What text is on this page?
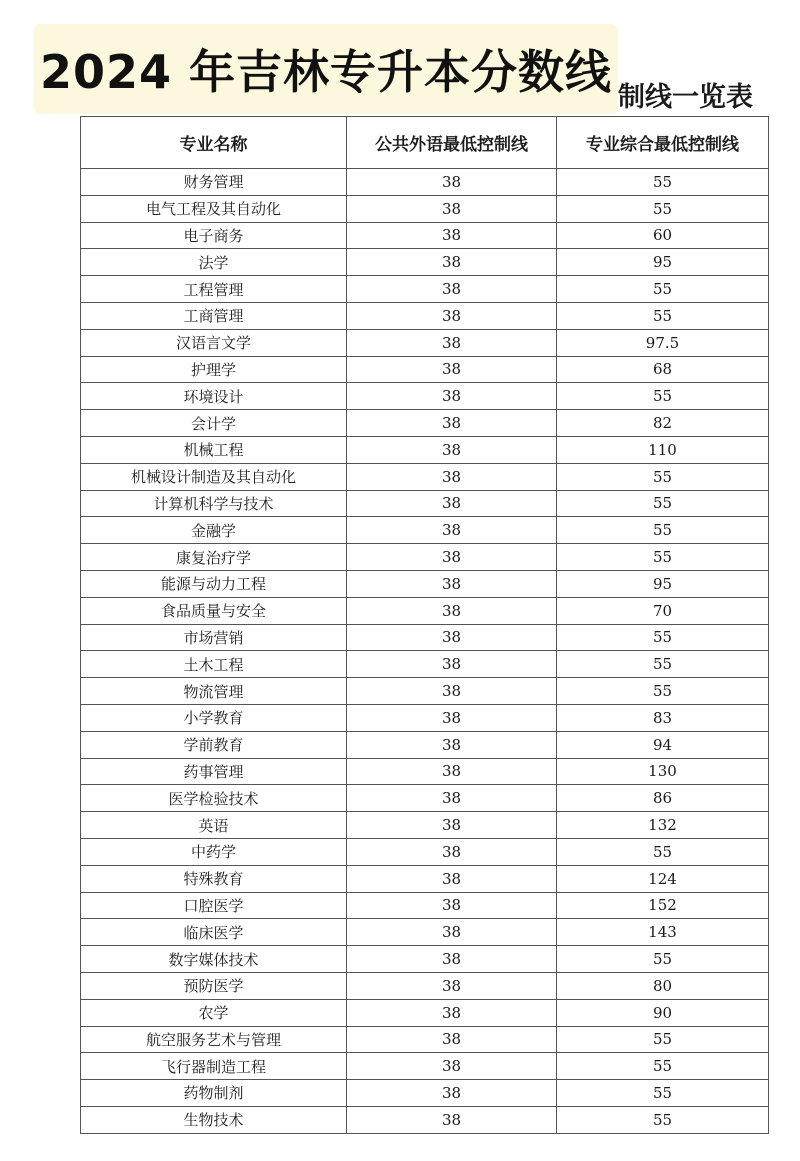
2024 年吉林专升本分数线 制线一览表
专业名称	公共外语最低控制线	专业综合最低控制线
财务管理	38	55
电气工程及其自动化	38	55
电子商务	38	60
法学	38	95
工程管理	38	55
工商管理	38	55
汉语言文学	38	97.5
护理学	38	68
环境设计	38	55
会计学	38	82
机械工程	38	110
机械设计制造及其自动化	38	55
计算机科学与技术	38	55
金融学	38	55
康复治疗学	38	55
能源与动力工程	38	95
食品质量与安全	38	70
市场营销	38	55
土木工程	38	55
物流管理	38	55
小学教育	38	83
学前教育	38	94
药事管理	38	130
医学检验技术	38	86
英语	38	132
中药学	38	55
特殊教育	38	124
口腔医学	38	152
临床医学	38	143
数字媒体技术	38	55
预防医学	38	80
农学	38	90
航空服务艺术与管理	38	55
飞行器制造工程	38	55
药物制剂	38	55
生物技术	38	55
